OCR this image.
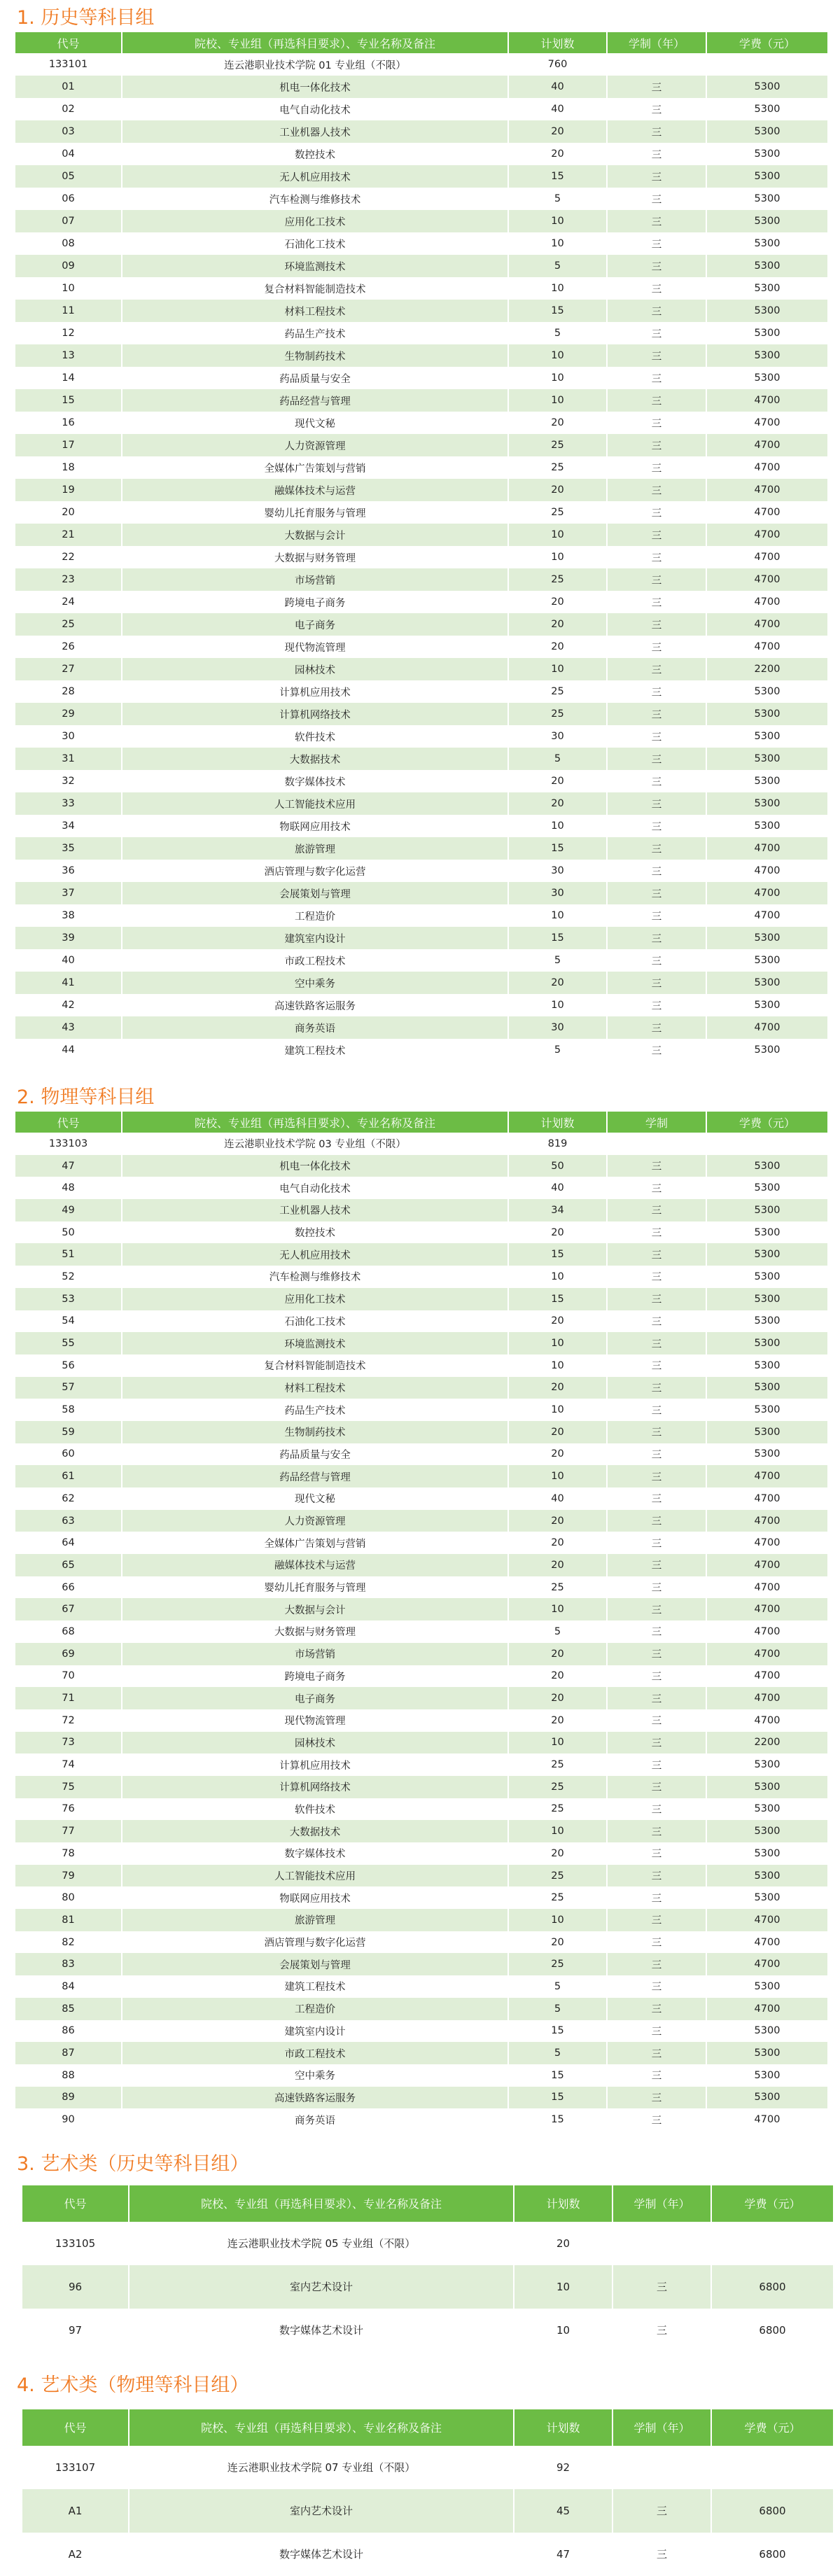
1. 历史等科目组
代号	院校、专业组（再选科目要求）、专业名称及备注	计划数	学制（年）	学费（元）
133101	连云港职业技术学院 01 专业组（不限）	760		
01	机电一体化技术	40	三	5300
02	电气自动化技术	40	三	5300
03	工业机器人技术	20	三	5300
04	数控技术	20	三	5300
05	无人机应用技术	15	三	5300
06	汽车检测与维修技术	5	三	5300
07	应用化工技术	10	三	5300
08	石油化工技术	10	三	5300
09	环境监测技术	5	三	5300
10	复合材料智能制造技术	10	三	5300
11	材料工程技术	15	三	5300
12	药品生产技术	5	三	5300
13	生物制药技术	10	三	5300
14	药品质量与安全	10	三	5300
15	药品经营与管理	10	三	4700
16	现代文秘	20	三	4700
17	人力资源管理	25	三	4700
18	全媒体广告策划与营销	25	三	4700
19	融媒体技术与运营	20	三	4700
20	婴幼儿托育服务与管理	25	三	4700
21	大数据与会计	10	三	4700
22	大数据与财务管理	10	三	4700
23	市场营销	25	三	4700
24	跨境电子商务	20	三	4700
25	电子商务	20	三	4700
26	现代物流管理	20	三	4700
27	园林技术	10	三	2200
28	计算机应用技术	25	三	5300
29	计算机网络技术	25	三	5300
30	软件技术	30	三	5300
31	大数据技术	5	三	5300
32	数字媒体技术	20	三	5300
33	人工智能技术应用	20	三	5300
34	物联网应用技术	10	三	5300
35	旅游管理	15	三	4700
36	酒店管理与数字化运营	30	三	4700
37	会展策划与管理	30	三	4700
38	工程造价	10	三	4700
39	建筑室内设计	15	三	5300
40	市政工程技术	5	三	5300
41	空中乘务	20	三	5300
42	高速铁路客运服务	10	三	5300
43	商务英语	30	三	4700
44	建筑工程技术	5	三	5300
2. 物理等科目组
代号	院校、专业组（再选科目要求）、专业名称及备注	计划数	学制	学费（元）
133103	连云港职业技术学院 03 专业组（不限）	819		
47	机电一体化技术	50	三	5300
48	电气自动化技术	40	三	5300
49	工业机器人技术	34	三	5300
50	数控技术	20	三	5300
51	无人机应用技术	15	三	5300
52	汽车检测与维修技术	10	三	5300
53	应用化工技术	15	三	5300
54	石油化工技术	20	三	5300
55	环境监测技术	10	三	5300
56	复合材料智能制造技术	10	三	5300
57	材料工程技术	20	三	5300
58	药品生产技术	10	三	5300
59	生物制药技术	20	三	5300
60	药品质量与安全	20	三	5300
61	药品经营与管理	10	三	4700
62	现代文秘	40	三	4700
63	人力资源管理	20	三	4700
64	全媒体广告策划与营销	20	三	4700
65	融媒体技术与运营	20	三	4700
66	婴幼儿托育服务与管理	25	三	4700
67	大数据与会计	10	三	4700
68	大数据与财务管理	5	三	4700
69	市场营销	20	三	4700
70	跨境电子商务	20	三	4700
71	电子商务	20	三	4700
72	现代物流管理	20	三	4700
73	园林技术	10	三	2200
74	计算机应用技术	25	三	5300
75	计算机网络技术	25	三	5300
76	软件技术	25	三	5300
77	大数据技术	10	三	5300
78	数字媒体技术	20	三	5300
79	人工智能技术应用	25	三	5300
80	物联网应用技术	25	三	5300
81	旅游管理	10	三	4700
82	酒店管理与数字化运营	20	三	4700
83	会展策划与管理	25	三	4700
84	建筑工程技术	5	三	5300
85	工程造价	5	三	4700
86	建筑室内设计	15	三	5300
87	市政工程技术	5	三	5300
88	空中乘务	15	三	5300
89	高速铁路客运服务	15	三	5300
90	商务英语	15	三	4700
3. 艺术类（历史等科目组）
代号	院校、专业组（再选科目要求）、专业名称及备注	计划数	学制（年）	学费（元）
133105	连云港职业技术学院 05 专业组（不限）	20		
96	室内艺术设计	10	三	6800
97	数字媒体艺术设计	10	三	6800
4. 艺术类（物理等科目组）
代号	院校、专业组（再选科目要求）、专业名称及备注	计划数	学制（年）	学费（元）
133107	连云港职业技术学院 07 专业组（不限）	92		
A1	室内艺术设计	45	三	6800
A2	数字媒体艺术设计	47	三	6800
